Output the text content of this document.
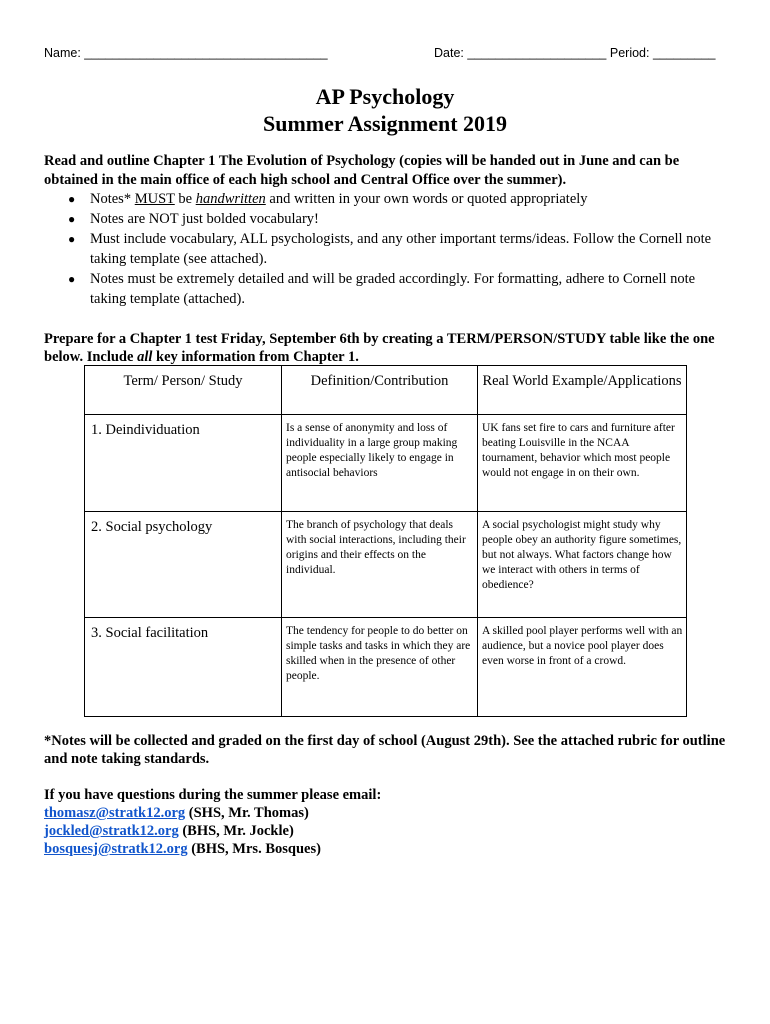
Name: ___________________________________	Date: ____________________ Period: _________
AP Psychology
Summer Assignment 2019
Read and outline Chapter 1 The Evolution of Psychology (copies will be handed out in June and can be obtained in the main office of each high school and Central Office over the summer).
● Notes* MUST be handwritten and written in your own words or quoted appropriately
● Notes are NOT just bolded vocabulary!
● Must include vocabulary, ALL psychologists, and any other important terms/ideas. Follow the Cornell note taking template (see attached).
● Notes must be extremely detailed and will be graded accordingly. For formatting, adhere to Cornell note taking template (attached).
Prepare for a Chapter 1 test Friday, September 6th by creating a TERM/PERSON/STUDY table like the one below. Include all key information from Chapter 1.
Term/ Person/ Study	Definition/Contribution	Real World Example/Applications
1. Deindividuation	Is a sense of anonymity and loss of individuality in a large group making people especially likely to engage in antisocial behaviors	UK fans set fire to cars and furniture after beating Louisville in the NCAA tournament, behavior which most people would not engage in on their own.
2. Social psychology	The branch of psychology that deals with social interactions, including their origins and their effects on the individual.	A social psychologist might study why people obey an authority figure sometimes, but not always. What factors change how we interact with others in terms of obedience?
3. Social facilitation	The tendency for people to do better on simple tasks and tasks in which they are skilled when in the presence of other people.	A skilled pool player performs well with an audience, but a novice pool player does even worse in front of a crowd.
*Notes will be collected and graded on the first day of school (August 29th). See the attached rubric for outline and note taking standards.
If you have questions during the summer please email:
thomasz@stratk12.org (SHS, Mr. Thomas)
jockled@stratk12.org (BHS, Mr. Jockle)
bosquesj@stratk12.org (BHS, Mrs. Bosques)
